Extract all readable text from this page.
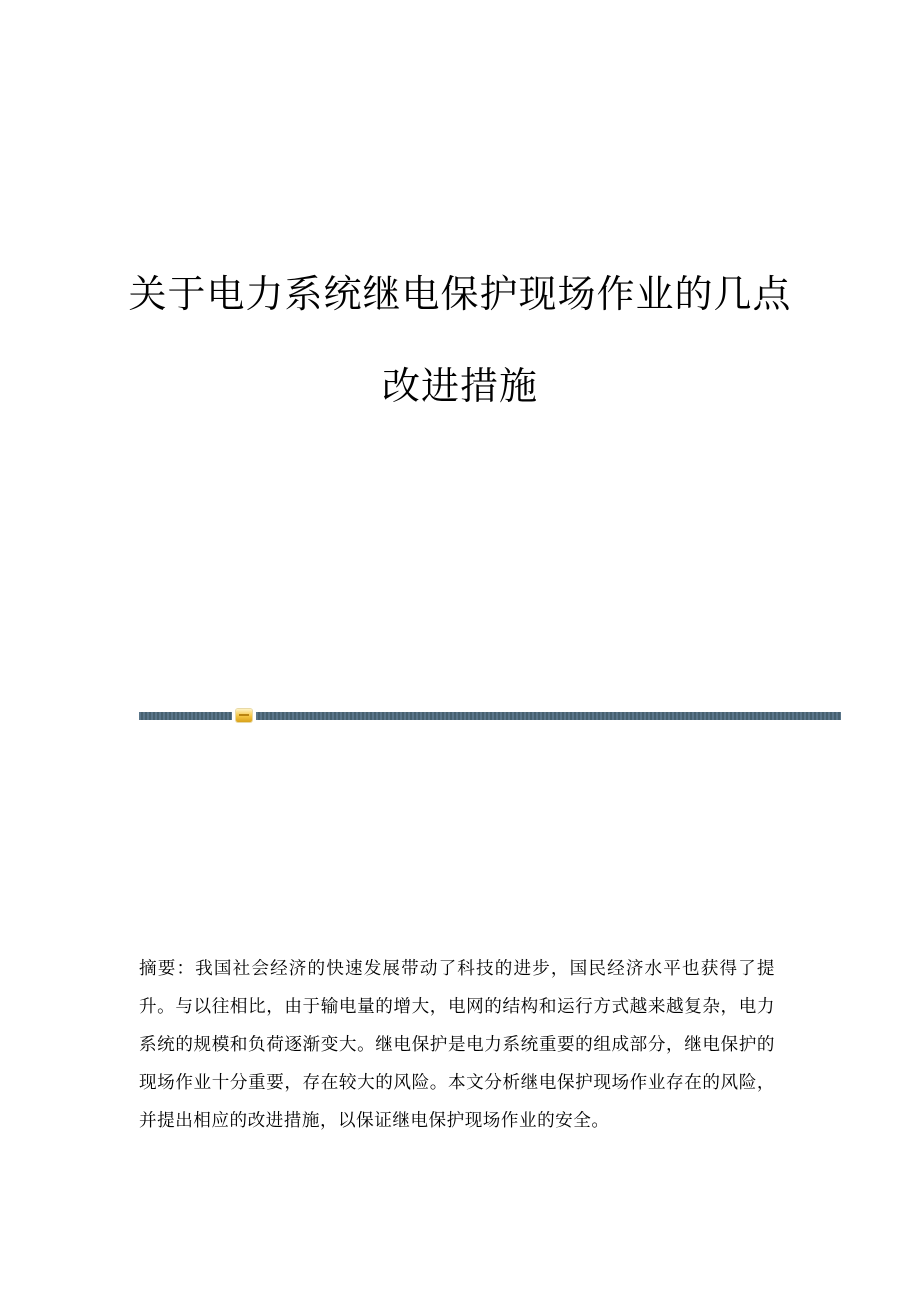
关于电力系统继电保护现场作业的几点
改进措施
摘要：我国社会经济的快速发展带动了科技的进步，国民经济水平也获得了提升。与以往相比，由于输电量的增大，电网的结构和运行方式越来越复杂，电力系统的规模和负荷逐渐变大。继电保护是电力系统重要的组成部分，继电保护的现场作业十分重要，存在较大的风险。本文分析继电保护现场作业存在的风险，并提出相应的改进措施，以保证继电保护现场作业的安全。
